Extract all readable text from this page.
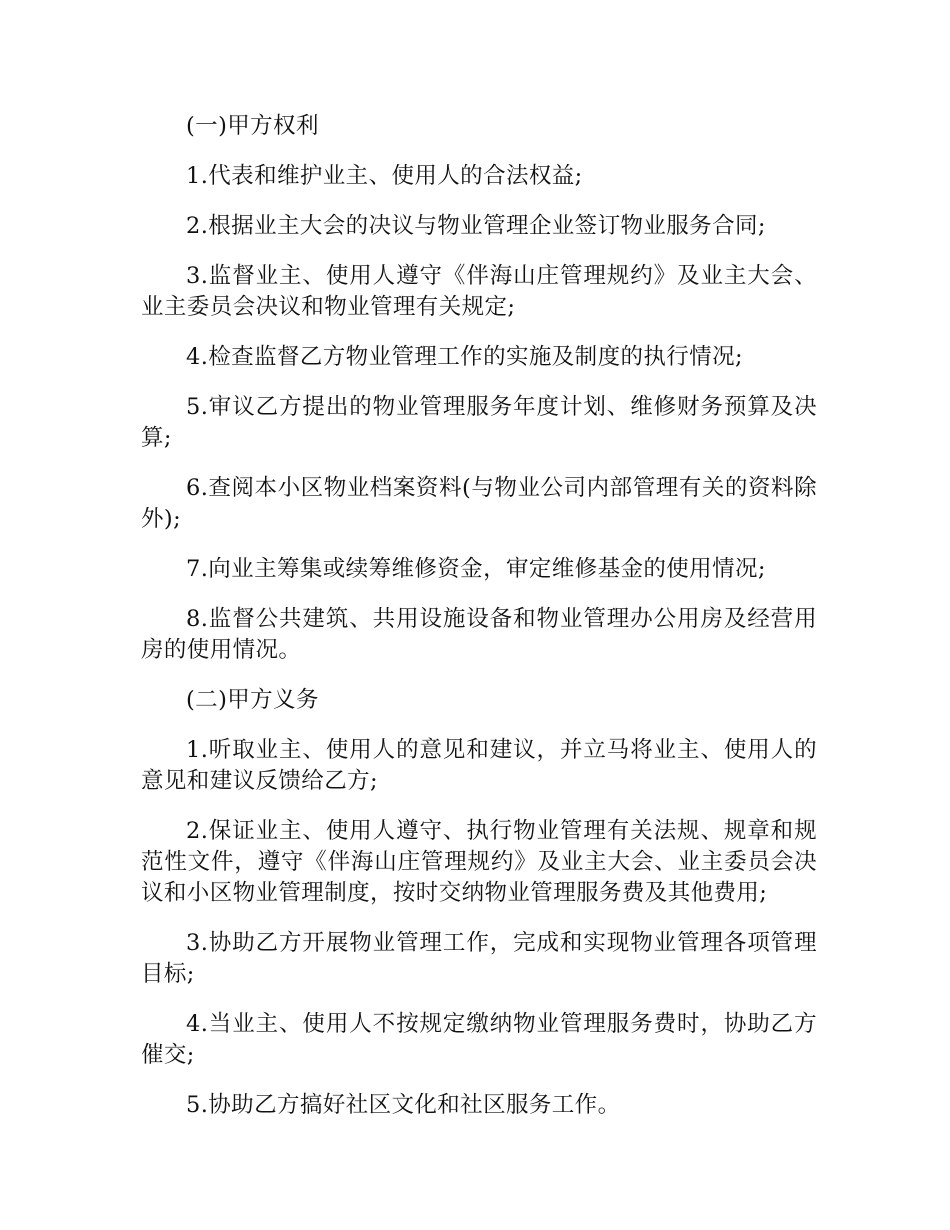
(一)甲方权利

1.代表和维护业主、使用人的合法权益;

2.根据业主大会的决议与物业管理企业签订物业服务合同;

3.监督业主、使用人遵守《伴海山庄管理规约》及业主大会、业主委员会决议和物业管理有关规定;

4.检查监督乙方物业管理工作的实施及制度的执行情况;

5.审议乙方提出的物业管理服务年度计划、维修财务预算及决算;

6.查阅本小区物业档案资料(与物业公司内部管理有关的资料除外);

7.向业主筹集或续筹维修资金，审定维修基金的使用情况;

8.监督公共建筑、共用设施设备和物业管理办公用房及经营用房的使用情况。

(二)甲方义务

1.听取业主、使用人的意见和建议，并立马将业主、使用人的意见和建议反馈给乙方;

2.保证业主、使用人遵守、执行物业管理有关法规、规章和规范性文件，遵守《伴海山庄管理规约》及业主大会、业主委员会决议和小区物业管理制度，按时交纳物业管理服务费及其他费用;

3.协助乙方开展物业管理工作，完成和实现物业管理各项管理目标;

4.当业主、使用人不按规定缴纳物业管理服务费时，协助乙方催交;

5.协助乙方搞好社区文化和社区服务工作。
